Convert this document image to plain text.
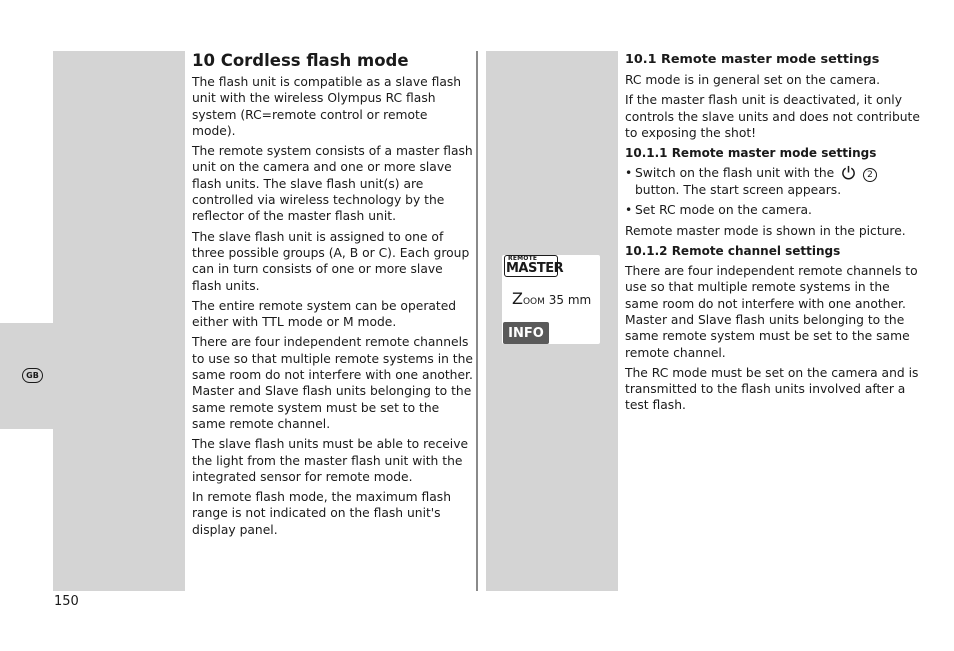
GB
10 Cordless flash mode

The flash unit is compatible as a slave flash unit with the wireless Olympus RC flash system (RC=remote control or remote mode).

The remote system consists of a master flash unit on the camera and one or more slave flash units. The slave flash unit(s) are controlled via wireless technology by the reflector of the master flash unit.

The slave flash unit is assigned to one of three possible groups (A, B or C). Each group can in turn consists of one or more slave flash units.

The entire remote system can be operated either with TTL mode or M mode.

There are four independent remote channels to use so that multiple remote systems in the same room do not interfere with one another. Master and Slave flash units belonging to the same remote system must be set to the same remote channel.

The slave flash units must be able to receive the light from the master flash unit with the integrated sensor for remote mode.

In remote flash mode, the maximum flash range is not indicated on the flash unit's display panel.

REMOTE
MASTER
ZOOM 35 mm
INFO
10.1 Remote master mode settings

RC mode is in general set on the camera.

If the master flash unit is deactivated, it only controls the slave units and does not contribute to exposing the shot!

10.1.1 Remote master mode settings
• Switch on the flash unit with the	2
button. The start screen appears.
• Set RC mode on the camera.

Remote master mode is shown in the picture.

10.1.2 Remote channel settings

There are four independent remote channels to use so that multiple remote systems in the same room do not interfere with one another. Master and Slave flash units belonging to the same remote system must be set to the same remote channel.

The RC mode must be set on the camera and is transmitted to the flash units involved after a test flash.

150
